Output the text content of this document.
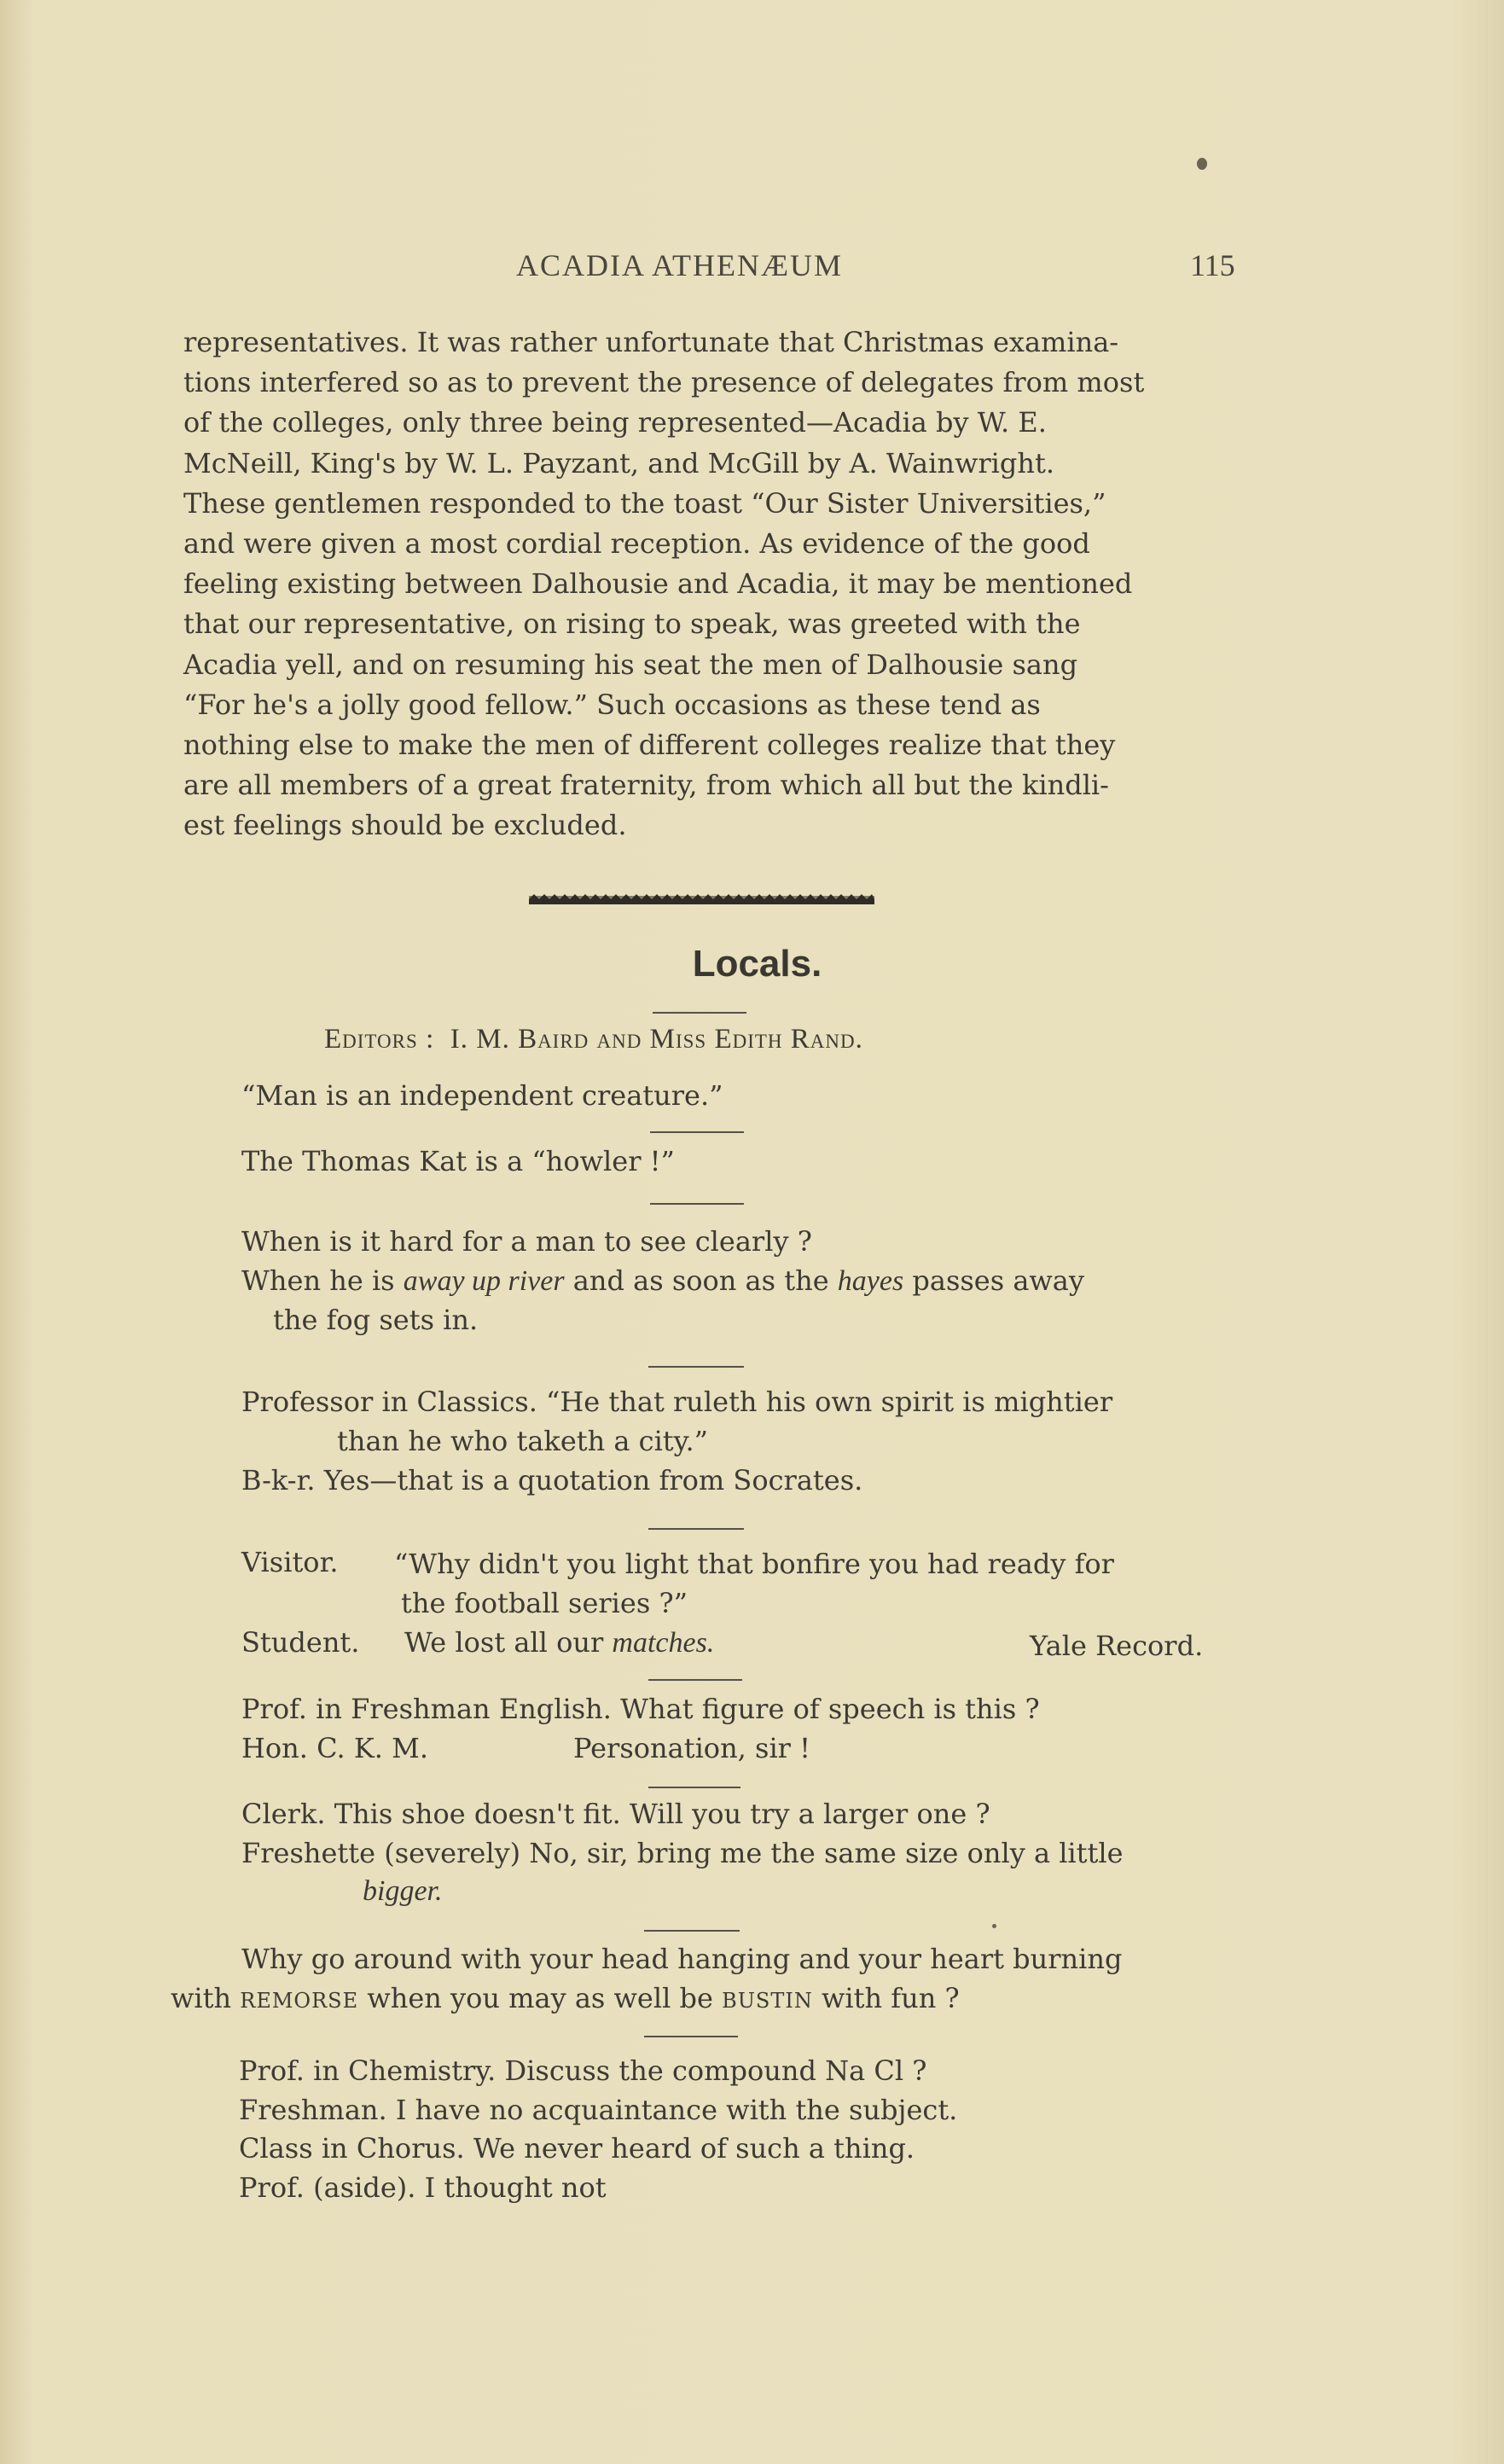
ACADIA ATHENÆUM	115
representatives. It was rather unfortunate that Christmas examina-
tions interfered so as to prevent the presence of delegates from most
of the colleges, only three being represented—Acadia by W. E.
McNeill, King's by W. L. Payzant, and McGill by A. Wainwright.
These gentlemen responded to the toast “Our Sister Universities,”
and were given a most cordial reception. As evidence of the good
feeling existing between Dalhousie and Acadia, it may be mentioned
that our representative, on rising to speak, was greeted with the
Acadia yell, and on resuming his seat the men of Dalhousie sang
“For he's a jolly good fellow.” Such occasions as these tend as
nothing else to make the men of different colleges realize that they
are all members of a great fraternity, from which all but the kindli-
est feelings should be excluded.
Locals.
Editors :  I. M. Baird and Miss Edith Rand.
“Man is an independent creature.”
The Thomas Kat is a “howler !”
When is it hard for a man to see clearly ?
When he is away up river and as soon as the hayes passes away
the fog sets in.
Professor in Classics. “He that ruleth his own spirit is mightier
than he who taketh a city.”
B-k-r. Yes—that is a quotation from Socrates.
Visitor. “Why didn't you light that bonfire you had ready for
the football series ?”
Student. We lost all our matches.	Yale Record.
Prof. in Freshman English. What figure of speech is this ?
Hon. C. K. M.	Personation, sir !
Clerk. This shoe doesn't fit. Will you try a larger one ?
Freshette (severely) No, sir, bring me the same size only a little
bigger.
Why go around with your head hanging and your heart burning
with REMORSE when you may as well be BUSTIN with fun ?
Prof. in Chemistry. Discuss the compound Na Cl ?
Freshman. I have no acquaintance with the subject.
Class in Chorus. We never heard of such a thing.
Prof. (aside). I thought not
